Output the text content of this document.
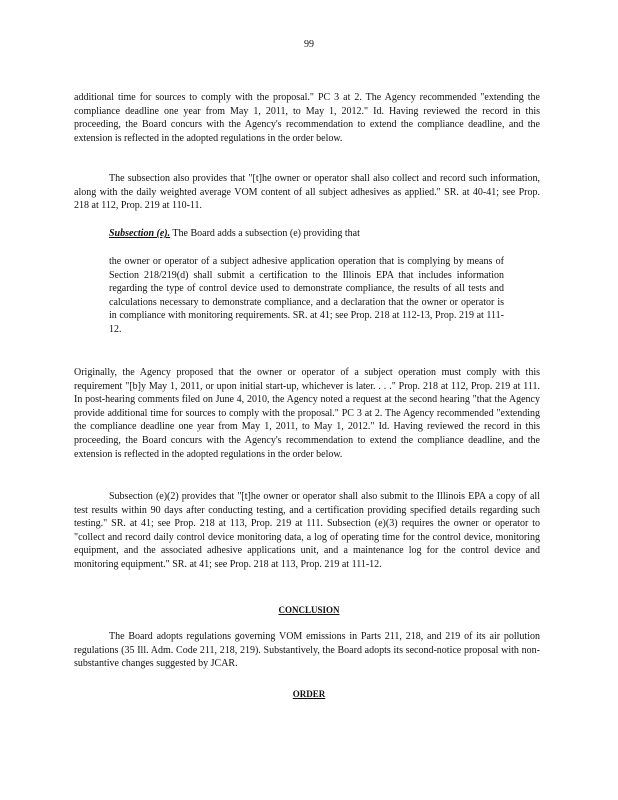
99

additional time for sources to comply with the proposal." PC 3 at 2. The Agency recommended "extending the compliance deadline one year from May 1, 2011, to May 1, 2012." Id. Having reviewed the record in this proceeding, the Board concurs with the Agency's recommendation to extend the compliance deadline, and the extension is reflected in the adopted regulations in the order below.

The subsection also provides that "[t]he owner or operator shall also collect and record such information, along with the daily weighted average VOM content of all subject adhesives as applied." SR. at 40-41; see Prop. 218 at 112, Prop. 219 at 110-11.

Subsection (e). The Board adds a subsection (e) providing that

the owner or operator of a subject adhesive application operation that is complying by means of Section 218/219(d) shall submit a certification to the Illinois EPA that includes information regarding the type of control device used to demonstrate compliance, the results of all tests and calculations necessary to demonstrate compliance, and a declaration that the owner or operator is in compliance with monitoring requirements. SR. at 41; see Prop. 218 at 112-13, Prop. 219 at 111-12.

Originally, the Agency proposed that the owner or operator of a subject operation must comply with this requirement "[b]y May 1, 2011, or upon initial start-up, whichever is later. . . ." Prop. 218 at 112, Prop. 219 at 111. In post-hearing comments filed on June 4, 2010, the Agency noted a request at the second hearing "that the Agency provide additional time for sources to comply with the proposal." PC 3 at 2. The Agency recommended "extending the compliance deadline one year from May 1, 2011, to May 1, 2012." Id. Having reviewed the record in this proceeding, the Board concurs with the Agency's recommendation to extend the compliance deadline, and the extension is reflected in the adopted regulations in the order below.

Subsection (e)(2) provides that "[t]he owner or operator shall also submit to the Illinois EPA a copy of all test results within 90 days after conducting testing, and a certification providing specified details regarding such testing." SR. at 41; see Prop. 218 at 113, Prop. 219 at 111. Subsection (e)(3) requires the owner or operator to "collect and record daily control device monitoring data, a log of operating time for the control device, monitoring equipment, and the associated adhesive applications unit, and a maintenance log for the control device and monitoring equipment." SR. at 41; see Prop. 218 at 113, Prop. 219 at 111-12.

CONCLUSION

The Board adopts regulations governing VOM emissions in Parts 211, 218, and 219 of its air pollution regulations (35 Ill. Adm. Code 211, 218, 219). Substantively, the Board adopts its second-notice proposal with non-substantive changes suggested by JCAR.

ORDER
